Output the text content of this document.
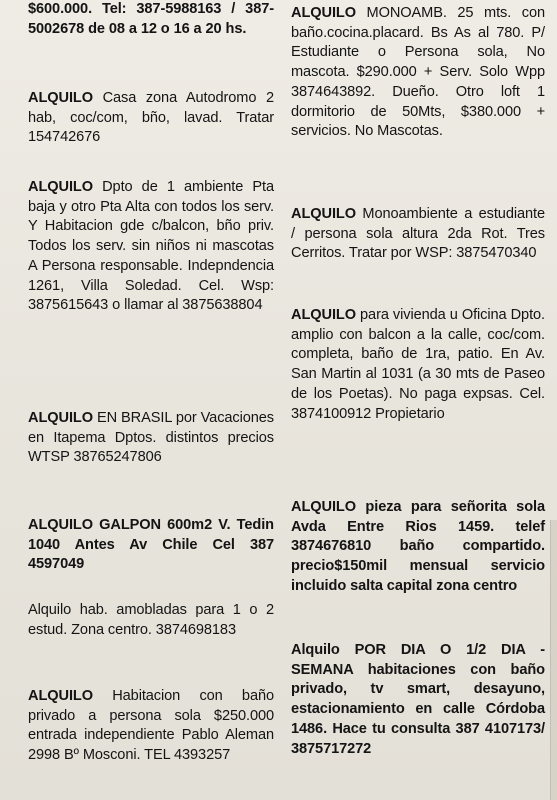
$600.000. Tel: 387-5988163 / 387-5002678 de 08 a 12 o 16 a 20 hs.

ALQUILO Casa zona Autodromo 2 hab, coc/com, bño, lavad. Tratar 154742676

ALQUILO Dpto de 1 ambiente Pta baja y otro Pta Alta con todos los serv. Y Habitacion gde c/balcon, bño priv. Todos los serv. sin niños ni mascotas A Persona responsable. Indepndencia 1261, Villa Soledad. Cel. Wsp: 3875615643 o llamar al 3875638804

ALQUILO EN BRASIL por Vacaciones en Itapema Dptos. distintos precios WTSP 38765247806

ALQUILO GALPON 600m2 V. Tedin 1040 Antes Av Chile Cel 387 4597049

Alquilo hab. amobladas para 1 o 2 estud. Zona centro. 3874698183

ALQUILO Habitacion con baño privado a persona sola $250.000 entrada independiente Pablo Aleman 2998 Bº Mosconi. TEL 4393257

ALQUILO MONOAMB. 25 mts. con baño.cocina.placard. Bs As al 780. P/ Estudiante o Persona sola, No mascota. $290.000 + Serv. Solo Wpp 3874643892. Dueño. Otro loft 1 dormitorio de 50Mts, $380.000 + servicios. No Mascotas.

ALQUILO Monoambiente a estudiante / persona sola altura 2da Rot. Tres Cerritos. Tratar por WSP: 3875470340

ALQUILO para vivienda u Oficina Dpto. amplio con balcon a la calle, coc/com. completa, baño de 1ra, patio. En Av. San Martin al 1031 (a 30 mts de Paseo de los Poetas). No paga expsas. Cel. 3874100912 Propietario

ALQUILO pieza para señorita sola Avda Entre Rios 1459. telef 3874676810 baño compartido. precio$150mil mensual servicio incluido salta capital zona centro

Alquilo POR DIA O 1/2 DIA - SEMANA habitaciones con baño privado, tv smart, desayuno, estacionamiento en calle Córdoba 1486. Hace tu consulta 387 4107173/ 3875717272
